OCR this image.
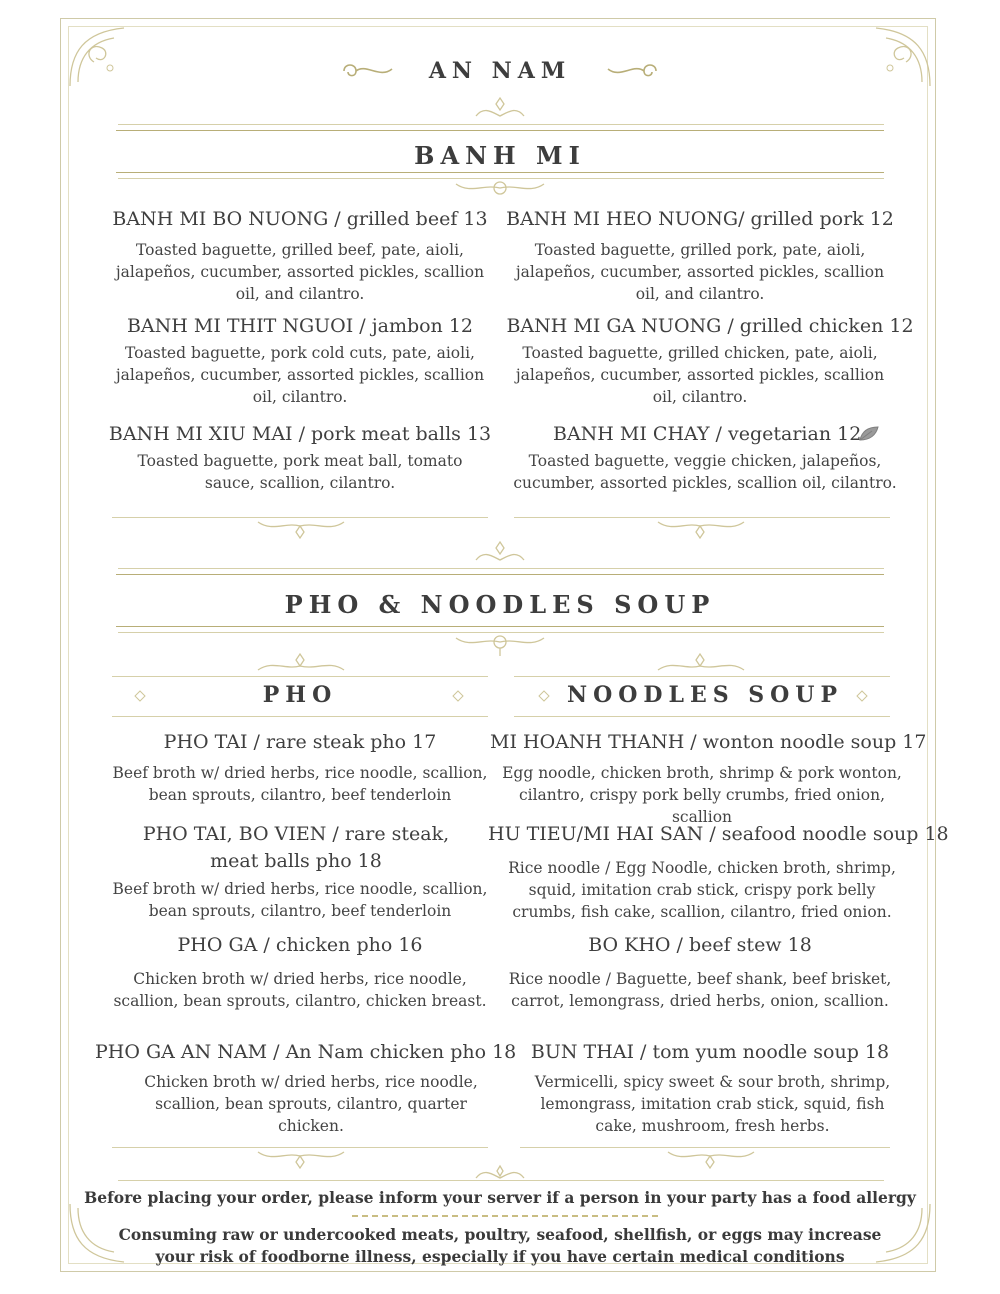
AN NAM
BANH MI
BANH MI BO NUONG / grilled beef 13
Toasted baguette, grilled beef, pate, aioli, jalapeños, cucumber, assorted pickles, scallion oil, and cilantro.
BANH MI THIT NGUOI / jambon 12
Toasted baguette, pork cold cuts, pate, aioli, jalapeños, cucumber, assorted pickles, scallion oil, cilantro.
BANH MI XIU MAI / pork meat balls 13
Toasted baguette, pork meat ball, tomato sauce, scallion, cilantro.
BANH MI HEO NUONG/ grilled pork 12
Toasted baguette, grilled pork, pate, aioli, jalapeños, cucumber, assorted pickles, scallion oil, and cilantro.
BANH MI GA NUONG / grilled chicken 12
Toasted baguette, grilled chicken, pate, aioli, jalapeños, cucumber, assorted pickles, scallion oil, cilantro.
BANH MI CHAY / vegetarian 12
Toasted baguette, veggie chicken, jalapeños, cucumber, assorted pickles, scallion oil, cilantro.
PHO & NOODLES SOUP
PHO	NOODLES SOUP
PHO TAI / rare steak pho 17
Beef broth w/ dried herbs, rice noodle, scallion, bean sprouts, cilantro, beef tenderloin
PHO TAI, BO VIEN / rare steak, meat balls pho 18
Beef broth w/ dried herbs, rice noodle, scallion, bean sprouts, cilantro, beef tenderloin
PHO GA / chicken pho 16
Chicken broth w/ dried herbs, rice noodle, scallion, bean sprouts, cilantro, chicken breast.
PHO GA AN NAM / An Nam chicken pho 18
Chicken broth w/ dried herbs, rice noodle, scallion, bean sprouts, cilantro, quarter chicken.
MI HOANH THANH / wonton noodle soup 17
Egg noodle, chicken broth, shrimp & pork wonton, cilantro, crispy pork belly crumbs, fried onion, scallion
HU TIEU/MI HAI SAN / seafood noodle soup 18
Rice noodle / Egg Noodle, chicken broth, shrimp, squid, imitation crab stick, crispy pork belly crumbs, fish cake, scallion, cilantro, fried onion.
BO KHO / beef stew 18
Rice noodle / Baguette, beef shank, beef brisket, carrot, lemongrass, dried herbs, onion, scallion.
BUN THAI / tom yum noodle soup 18
Vermicelli, spicy sweet & sour broth, shrimp, lemongrass, imitation crab stick, squid, fish cake, mushroom, fresh herbs.
Before placing your order, please inform your server if a person in your party has a food allergy
Consuming raw or undercooked meats, poultry, seafood, shellfish, or eggs may increase
your risk of foodborne illness, especially if you have certain medical conditions
